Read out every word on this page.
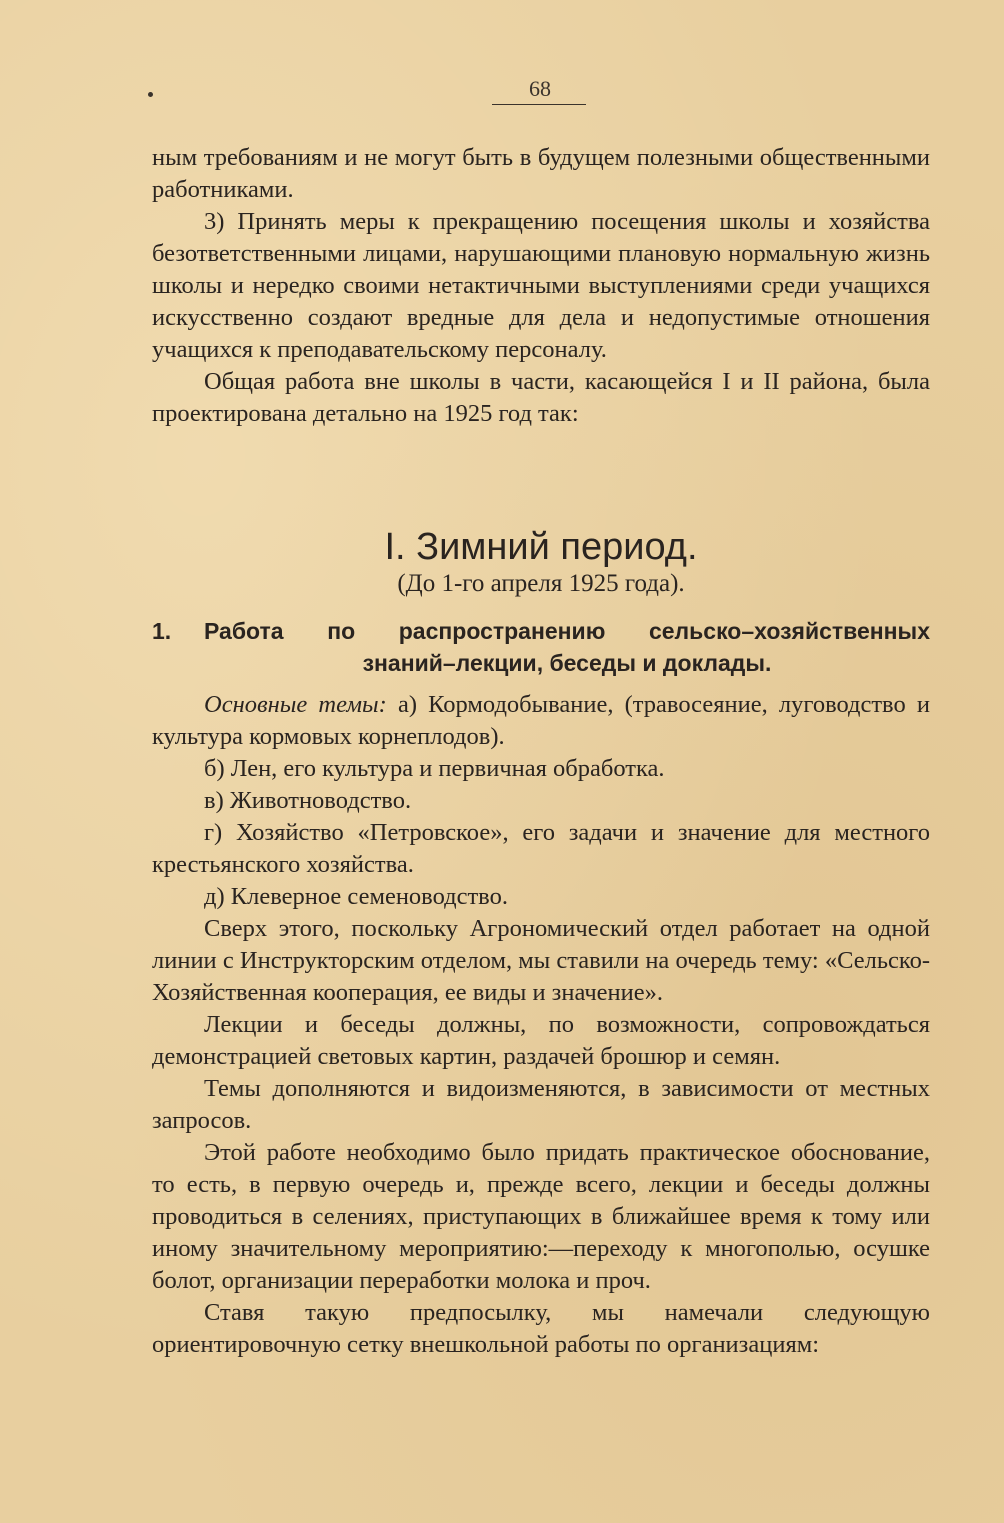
68

ным требованиям и не могут быть в будущем полезными общественными работниками.

3) Принять меры к прекращению посещения школы и хозяйства безответственными лицами, нарушающими плановую нормальную жизнь школы и нередко своими нетактичными выступлениями среди учащихся искусственно создают вредные для дела и недопустимые отношения учащихся к преподавательскому персоналу.

Общая работа вне школы в части, касающейся I и II района, была проектирована детально на 1925 год так:

I. Зимний период.
(До 1-го апреля 1925 года).
1.	Работа по распространению сельско–хозяйственных
знаний–лекции, беседы и доклады.

Основные темы: а) Кормодобывание, (травосеяние, луговодство и культура кормовых корнеплодов).

б) Лен, его культура и первичная обработка.

в) Животноводство.

г) Хозяйство «Петровское», его задачи и значение для местного крестьянского хозяйства.

д) Клеверное семеноводство.

Сверх этого, поскольку Агрономический отдел работает на одной линии с Инструкторским отделом, мы ставили на очередь тему: «Сельско-Хозяйственная кооперация, ее виды и значение».

Лекции и беседы должны, по возможности, сопровождаться демонстрацией световых картин, раздачей брошюр и семян.

Темы дополняются и видоизменяются, в зависимости от местных запросов.

Этой работе необходимо было придать практическое обоснование, то есть, в первую очередь и, прежде всего, лекции и беседы должны проводиться в селениях, приступающих в ближайшее время к тому или иному значительному мероприятию:—переходу к многополью, осушке болот, организации переработки молока и проч.

Ставя такую предпосылку, мы намечали следующую ориентировочную сетку внешкольной работы по организациям:
